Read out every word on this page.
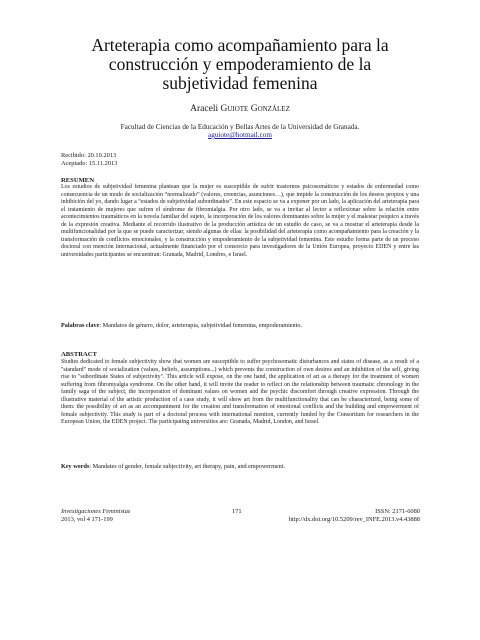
Arteterapia como acompañamiento para la construcción y empoderamiento de la subjetividad femenina
Araceli Guiote González
Facultad de Ciencias de la Educación y Bellas Artes de la Universidad de Granada.
aguiote@hotmail.com
Recibido: 20.10.2013
Aceptado: 15.11.2013
RESUMEN
Los estudios de subjetividad femenina plantean que la mujer es susceptible de sufrir trastornos psicosomáticos y estados de enfermedad como consecuencia de un modo de socialización “normalizado” (valores, creencias, asunciones…), que impide la construcción de los deseos propios y una inhibición del yo, dando lugar a “estados de subjetividad subordinados”. En este espacio se va a exponer por un lado, la aplicación del arteterapia para el tratamiento de mujeres que sufren el síndrome de fibromialgia. Por otro lado, se va a invitar al lector a reflexionar sobre la relación entre acontecimientos traumáticos en la novela familiar del sujeto, la incorporación de los valores dominantes sobre la mujer y el malestar psíquico a través de la expresión creativa. Mediante el recorrido ilustrativo de la producción artística de un estudio de caso, se va a mostrar el arteterapia desde la multifuncionalidad por la que se puede caracterizar, siendo algunas de ellas: la posibilidad del arteterapia como acompañamiento para la creación y la transformación de conflictos emocionales, y la construcción y empoderamiento de la subjetividad femenina. Este estudio forma parte de un proceso doctoral con mención internacional, actualmente financiado por el consorcio para investigadores de la Unión Europea, proyecto EDEN y entre las universidades participantes se encuentran: Granada, Madrid, Londres, e Israel.
Palabras clave: Mandatos de género, dolor, arteterapia, subjetividad femenina, empoderamiento.
ABSTRACT
Studies dedicated to female subjectivity show that women are susceptible to suffer psychosomatic disturbances and states of disease, as a result of a "standard" mode of socialization (values, beliefs, assumptions...) which prevents the construction of own desires and an inhibition of the self, giving rise to "subordinate States of subjectivity". This article will expose, on the one hand, the application of art as a therapy for the treatment of women suffering from fibromyalgia syndrome. On the other hand, it will invite the reader to reflect on the relationship between traumatic chronology in the family saga of the subject, the incorporation of dominant values on women and the psychic discomfort through creative expression. Through the illustrative material of the artistic production of a case study, it will show art from the multifunctionality that can be characterized, being some of them: the possibility of art as an accompaniment for the creation and transformation of emotional conflicts and the building and empowerment of female subjectivity. This study is part of a doctoral process with international mention, currently funded by the Consortium for researchers in the European Union, the EDEN project. The participating universities are: Granada, Madrid, London, and Israel.
Key words: Mandates of gender, female subjectivity, art therapy, pain, and empowerment.
Investigaciones Feministas
2013, vol 4 171-199
171	ISSN: 2171-6080
http://dx.doi.org/10.5209/rev_INFE.2013.v4.43888
